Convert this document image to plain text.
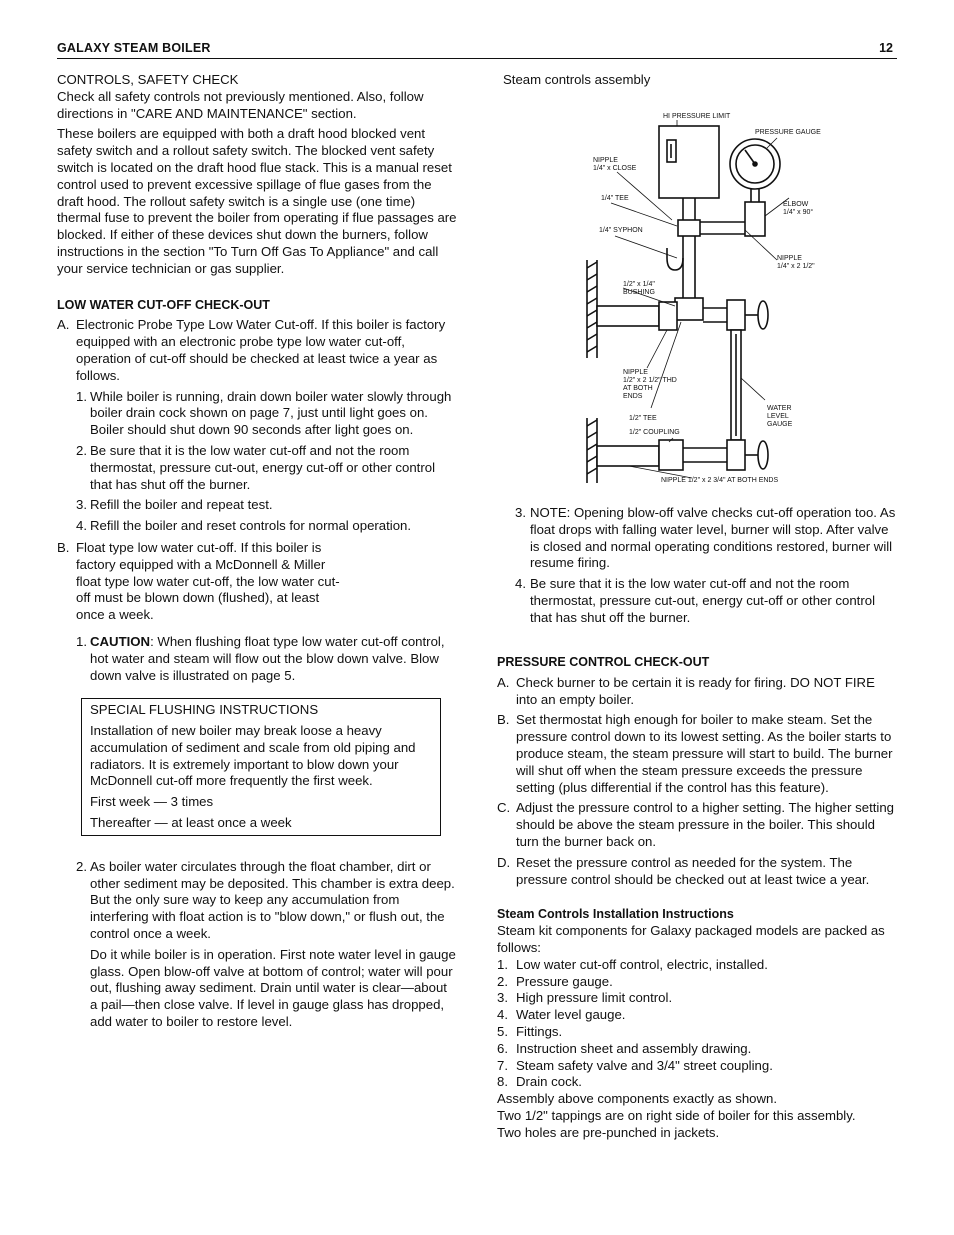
GALAXY STEAM BOILER	12

CONTROLS, SAFETY CHECK

Check all safety controls not previously mentioned. Also, follow directions in "CARE AND MAINTENANCE" section.

These boilers are equipped with both a draft hood blocked vent safety switch and a rollout safety switch. The blocked vent safety switch is located on the draft hood flue stack. This is a manual reset control used to prevent excessive spillage of flue gases from the draft hood. The rollout safety switch is a single use (one time) thermal fuse to prevent the boiler from operating if flue passages are blocked. If either of these devices shut down the burners, follow instructions in the section "To Turn Off Gas To Appliance" and call your service technician or gas supplier.

LOW WATER CUT-OFF CHECK-OUT

A. Electronic Probe Type Low Water Cut-off. If this boiler is factory equipped with an electronic probe type low water cut-off, operation of cut-off should be checked at least twice a year as follows.
1. While boiler is running, drain down boiler water slowly through boiler drain cock shown on page 7, just until light goes on. Boiler should shut down 90 seconds after light goes on.
2. Be sure that it is the low water cut-off and not the room thermostat, pressure cut-out, energy cut-off or other control that has shut off the burner.
3. Refill the boiler and repeat test.
4. Refill the boiler and reset controls for normal operation.
B. Float type low water cut-off. If this boiler is factory equipped with a McDonnell & Miller float type low water cut-off, the low water cut-off must be blown down (flushed), at least once a week.
1. CAUTION: When flushing float type low water cut-off control, hot water and steam will flow out the blow down valve. Blow down valve is illustrated on page 5.

SPECIAL FLUSHING INSTRUCTIONS

Installation of new boiler may break loose a heavy accumulation of sediment and scale from old piping and radiators. It is extremely important to blow down your McDonnell cut-off more frequently the first week.

First week — 3 times

Thereafter — at least once a week

2. As boiler water circulates through the float chamber, dirt or other sediment may be deposited. This chamber is extra deep. But the only sure way to keep any accumulation from interfering with float action is to "blow down," or flush out, the control once a week.

Do it while boiler is in operation. First note water level in gauge glass. Open blow-off valve at bottom of control; water will pour out, flushing away sediment. Drain until water is clear—about a pail—then close valve. If level in gauge glass has dropped, add water to boiler to restore level.

Steam controls assembly

HI PRESSURE LIMIT
PRESSURE GAUGE
NIPPLE
1/4" x CLOSE
1/4" TEE
ELBOW
1/4" x 90°
1/4" SYPHON
NIPPLE
1/4" x 2 1/2"
1/2" x 1/4"
BUSHING
NIPPLE
1/2" x 2 1/2" THD
AT BOTH
ENDS
1/2" TEE
WATER
LEVEL
GAUGE
1/2" COUPLING
NIPPLE 1/2" x 2 3/4" AT BOTH ENDS
3. NOTE: Opening blow-off valve checks cut-off operation too. As float drops with falling water level, burner will stop. After valve is closed and normal operating conditions restored, burner will resume firing.
4. Be sure that it is the low water cut-off and not the room thermostat, pressure cut-out, energy cut-off or other control that has shut off the burner.

PRESSURE CONTROL CHECK-OUT

A. Check burner to be certain it is ready for firing. DO NOT FIRE into an empty boiler.
B. Set thermostat high enough for boiler to make steam. Set the pressure control down to its lowest setting. As the boiler starts to produce steam, the steam pressure will start to build. The burner will shut off when the steam pressure exceeds the pressure setting (plus differential if the control has this feature).
C. Adjust the pressure control to a higher setting. The higher setting should be above the steam pressure in the boiler. This should turn the burner back on.
D. Reset the pressure control as needed for the system. The pressure control should be checked out at least twice a year.

Steam Controls Installation Instructions

Steam kit components for Galaxy packaged models are packed as follows:

1. Low water cut-off control, electric, installed.
2. Pressure gauge.
3. High pressure limit control.
4. Water level gauge.
5. Fittings.
6. Instruction sheet and assembly drawing.
7. Steam safety valve and 3/4" street coupling.
8. Drain cock.

Assembly above components exactly as shown.

Two 1/2" tappings are on right side of boiler for this assembly.

Two holes are pre-punched in jackets.
